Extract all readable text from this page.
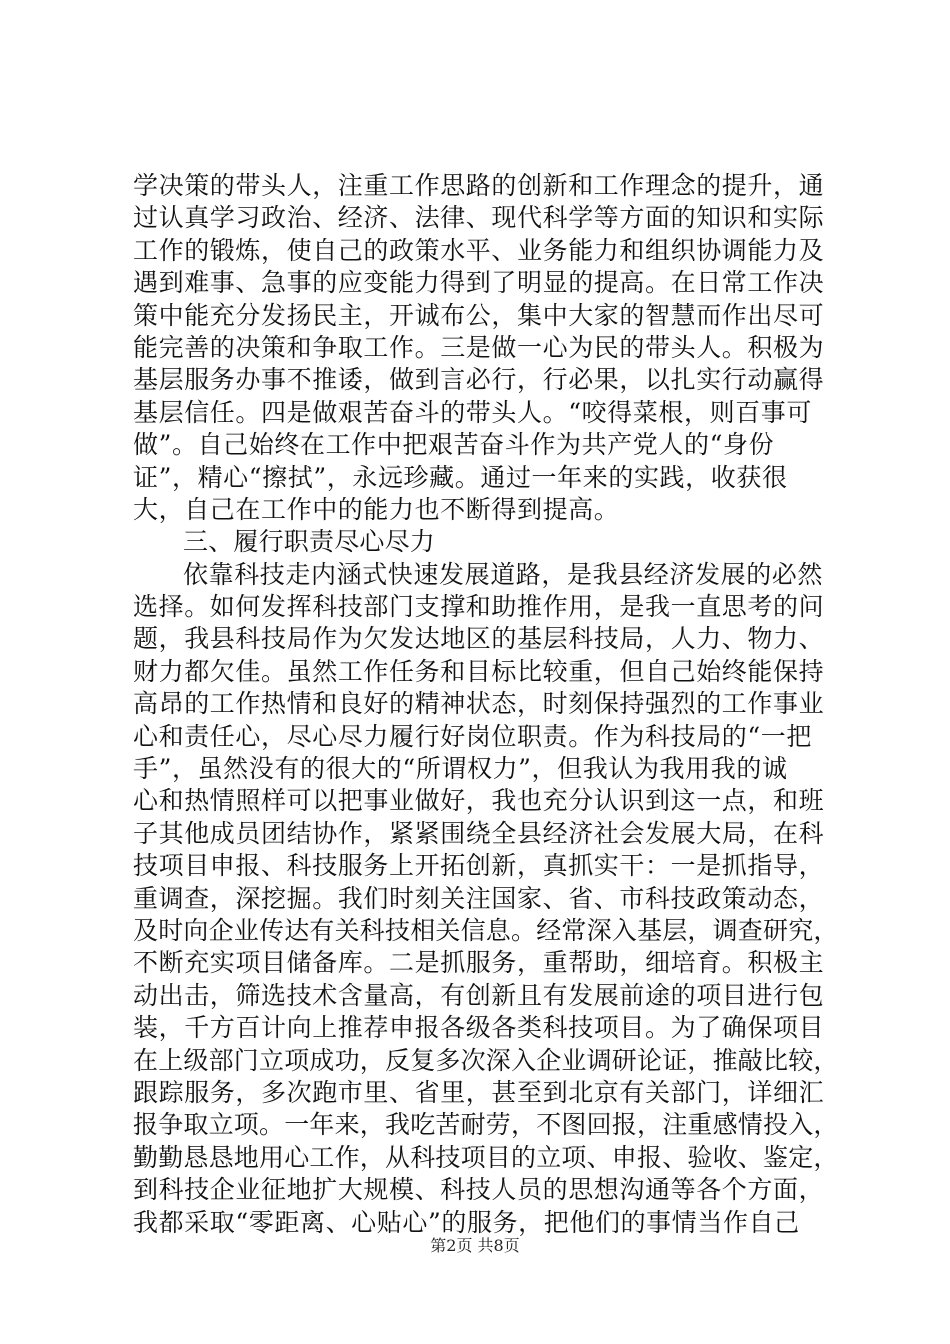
学决策的带头人，注重工作思路的创新和工作理念的提升，通
过认真学习政治、经济、法律、现代科学等方面的知识和实际
工作的锻炼，使自己的政策水平、业务能力和组织协调能力及
遇到难事、急事的应变能力得到了明显的提高。在日常工作决
策中能充分发扬民主，开诚布公，集中大家的智慧而作出尽可
能完善的决策和争取工作。三是做一心为民的带头人。积极为
基层服务办事不推诿，做到言必行，行必果，以扎实行动赢得
基层信任。四是做艰苦奋斗的带头人。“咬得菜根，则百事可
做”。自己始终在工作中把艰苦奋斗作为共产党人的“身份
证”，精心“擦拭”，永远珍藏。通过一年来的实践，收获很
大，自己在工作中的能力也不断得到提高。
三、履行职责尽心尽力
依靠科技走内涵式快速发展道路，是我县经济发展的必然
选择。如何发挥科技部门支撑和助推作用，是我一直思考的问
题，我县科技局作为欠发达地区的基层科技局，人力、物力、
财力都欠佳。虽然工作任务和目标比较重，但自己始终能保持
高昂的工作热情和良好的精神状态，时刻保持强烈的工作事业
心和责任心，尽心尽力履行好岗位职责。作为科技局的“一把
手”，虽然没有的很大的“所谓权力”，但我认为我用我的诚
心和热情照样可以把事业做好，我也充分认识到这一点，和班
子其他成员团结协作，紧紧围绕全县经济社会发展大局，在科
技项目申报、科技服务上开拓创新，真抓实干：一是抓指导，
重调查，深挖掘。我们时刻关注国家、省、市科技政策动态，
及时向企业传达有关科技相关信息。经常深入基层，调查研究，
不断充实项目储备库。二是抓服务，重帮助，细培育。积极主
动出击，筛选技术含量高，有创新且有发展前途的项目进行包
装，千方百计向上推荐申报各级各类科技项目。为了确保项目
在上级部门立项成功，反复多次深入企业调研论证，推敲比较，
跟踪服务，多次跑市里、省里，甚至到北京有关部门，详细汇
报争取立项。一年来，我吃苦耐劳，不图回报，注重感情投入，
勤勤恳恳地用心工作，从科技项目的立项、申报、验收、鉴定，
到科技企业征地扩大规模、科技人员的思想沟通等各个方面，
我都采取“零距离、心贴心”的服务，把他们的事情当作自己
第2页 共8页
